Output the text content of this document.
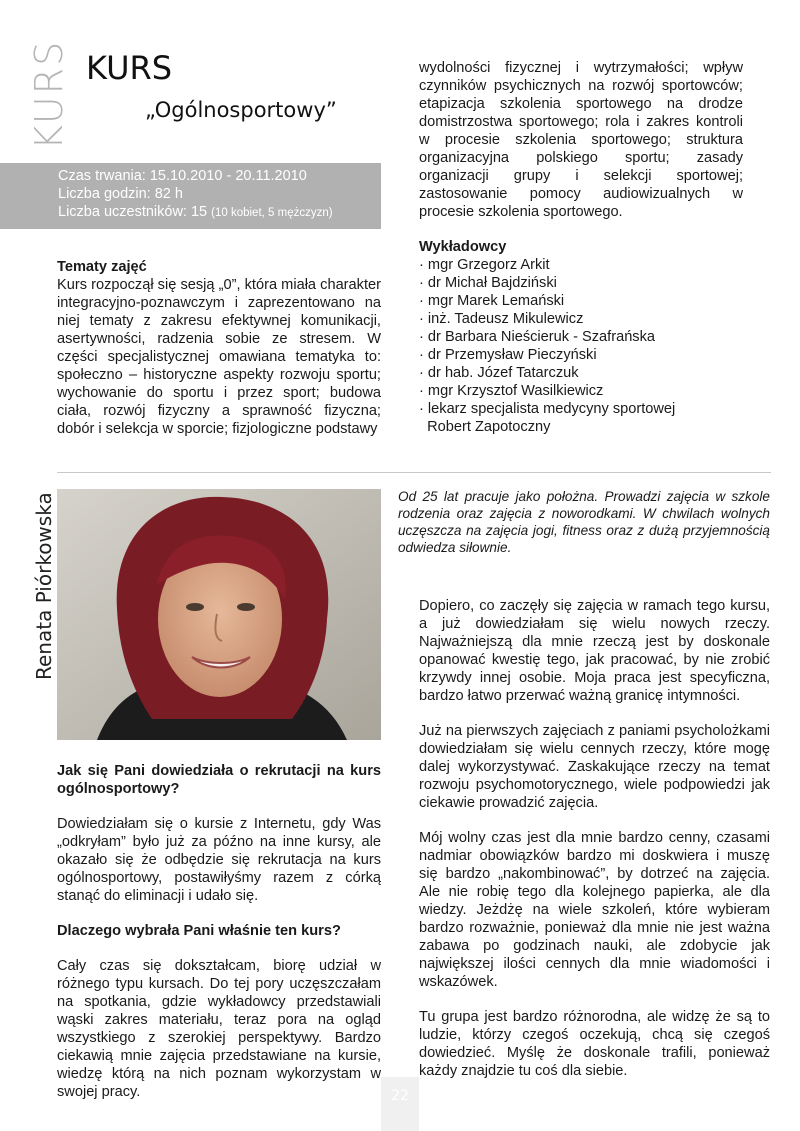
KURS KURS
„Ogólnosportowy”
Czas trwania: 15.10.2010 - 20.11.2010
Liczba godzin: 82 h
Liczba uczestników: 15 (10 kobiet, 5 mężczyzn)
Tematy zajęć
Kurs rozpoczął się sesją „0”, która miała charakter integracyjno-poznawczym i zaprezentowano na niej tematy z zakresu efektywnej komunikacji, asertywności, radzenia sobie ze stresem. W części specjalistycznej omawiana tematyka to: społeczno – historyczne aspekty rozwoju sportu; wychowanie do sportu i przez sport; budowa ciała, rozwój fizyczny a sprawność fizyczna; dobór i selekcja w sporcie; fizjologiczne podstawy
wydolności fizycznej i wytrzymałości; wpływ czynników psychicznych na rozwój sportowców; etapizacja szkolenia sportowego na drodze domistrzostwa sportowego; rola i zakres kontroli w procesie szkolenia sportowego; struktura organizacyjna polskiego sportu; zasady organizacji grupy i selekcji sportowej; zastosowanie pomocy audiowizualnych w procesie szkolenia sportowego.
Wykładowcy
· mgr Grzegorz Arkit
· dr Michał Bajdziński
· mgr Marek Lemański
· inż. Tadeusz Mikulewicz
· dr Barbara Nieścieruk - Szafrańska
· dr Przemysław Pieczyński
· dr hab. Józef Tatarczuk
· mgr Krzysztof Wasilkiewicz
· lekarz specjalista medycyny sportowej
Robert Zapotoczny
Renata Piórkowska	Od 25 lat pracuje jako położna. Prowadzi zajęcia w szkole rodzenia oraz zajęcia z noworodkami. W chwilach wolnych uczęszcza na zajęcia jogi, fitness oraz z dużą przyjemnością odwiedza siłownie.

Jak się Pani dowiedziała o rekrutacji na kurs ogólnosportowy?

Dowiedziałam się o kursie z Internetu, gdy Was „odkryłam” było już za późno na inne kursy, ale okazało się że odbędzie się rekrutacja na kurs ogólnosportowy, postawiłyśmy razem z córką stanąć do eliminacji i udało się.

Dlaczego wybrała Pani właśnie ten kurs?

Cały czas się dokształcam, biorę udział w różnego typu kursach. Do tej pory uczęszczałam na spotkania, gdzie wykładowcy przedstawiali wąski zakres materiału, teraz pora na ogląd wszystkiego z szerokiej perspektywy. Bardzo ciekawią mnie zajęcia przedstawiane na kursie, wiedzę którą na nich poznam wykorzystam w swojej pracy.

Dopiero, co zaczęły się zajęcia w ramach tego kursu, a już dowiedziałam się wielu nowych rzeczy. Najważniejszą dla mnie rzeczą jest by doskonale opanować kwestię tego, jak pracować, by nie zrobić krzywdy innej osobie. Moja praca jest specyficzna, bardzo łatwo przerwać ważną granicę intymności.

Już na pierwszych zajęciach z paniami psycholożkami dowiedziałam się wielu cennych rzeczy, które mogę dalej wykorzystywać. Zaskakujące rzeczy na temat rozwoju psychomotorycznego, wiele podpowiedzi jak ciekawie prowadzić zajęcia.

Mój wolny czas jest dla mnie bardzo cenny, czasami nadmiar obowiązków bardzo mi doskwiera i muszę się bardzo „nakombinować”, by dotrzeć na zajęcia. Ale nie robię tego dla kolejnego papierka, ale dla wiedzy. Jeżdżę na wiele szkoleń, które wybieram bardzo rozważnie, ponieważ dla mnie nie jest ważna zabawa po godzinach nauki, ale zdobycie jak największej ilości cennych dla mnie wiadomości i wskazówek.

Tu grupa jest bardzo różnorodna, ale widzę że są to ludzie, którzy czegoś oczekują, chcą się czegoś dowiedzieć. Myślę że doskonale trafili, ponieważ każdy znajdzie tu coś dla siebie.

22
